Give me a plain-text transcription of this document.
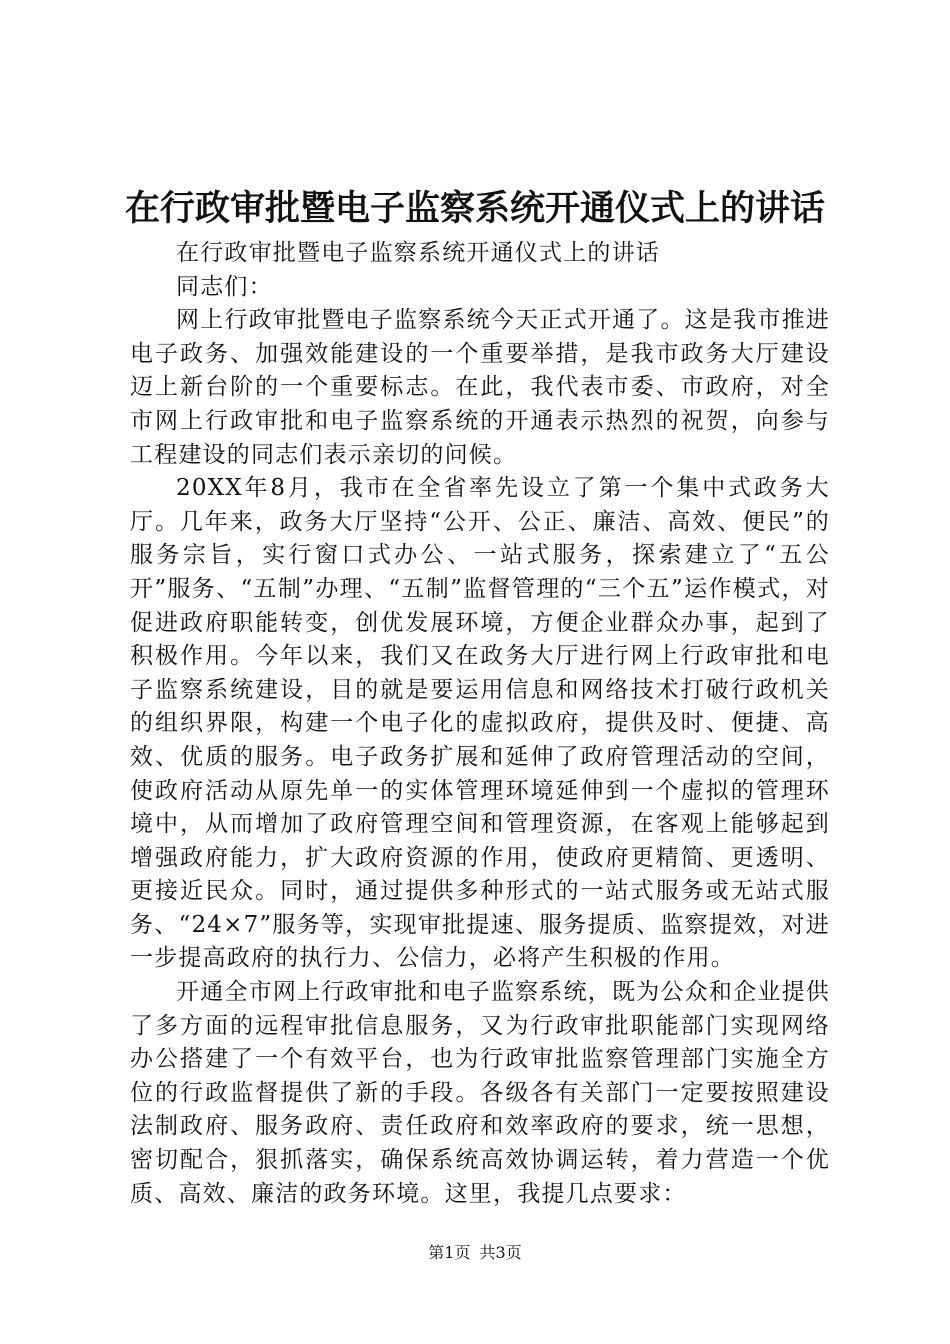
在行政审批暨电子监察系统开通仪式上的讲话

在行政审批暨电子监察系统开通仪式上的讲话

同志们：

网上行政审批暨电子监察系统今天正式开通了。这是我市推进电子政务、加强效能建设的一个重要举措，是我市政务大厅建设迈上新台阶的一个重要标志。在此，我代表市委、市政府，对全市网上行政审批和电子监察系统的开通表示热烈的祝贺，向参与工程建设的同志们表示亲切的问候。

20XX年8月，我市在全省率先设立了第一个集中式政务大厅。几年来，政务大厅坚持“公开、公正、廉洁、高效、便民”的服务宗旨，实行窗口式办公、一站式服务，探索建立了“五公开”服务、“五制”办理、“五制”监督管理的“三个五”运作模式，对促进政府职能转变，创优发展环境，方便企业群众办事，起到了积极作用。今年以来，我们又在政务大厅进行网上行政审批和电子监察系统建设，目的就是要运用信息和网络技术打破行政机关的组织界限，构建一个电子化的虚拟政府，提供及时、便捷、高效、优质的服务。电子政务扩展和延伸了政府管理活动的空间，使政府活动从原先单一的实体管理环境延伸到一个虚拟的管理环境中，从而增加了政府管理空间和管理资源，在客观上能够起到增强政府能力，扩大政府资源的作用，使政府更精简、更透明、更接近民众。同时，通过提供多种形式的一站式服务或无站式服务、“24×7”服务等，实现审批提速、服务提质、监察提效，对进一步提高政府的执行力、公信力，必将产生积极的作用。

开通全市网上行政审批和电子监察系统，既为公众和企业提供了多方面的远程审批信息服务，又为行政审批职能部门实现网络办公搭建了一个有效平台，也为行政审批监察管理部门实施全方位的行政监督提供了新的手段。各级各有关部门一定要按照建设法制政府、服务政府、责任政府和效率政府的要求，统一思想，密切配合，狠抓落实，确保系统高效协调运转，着力营造一个优质、高效、廉洁的政务环境。这里，我提几点要求：

第1页 共3页
